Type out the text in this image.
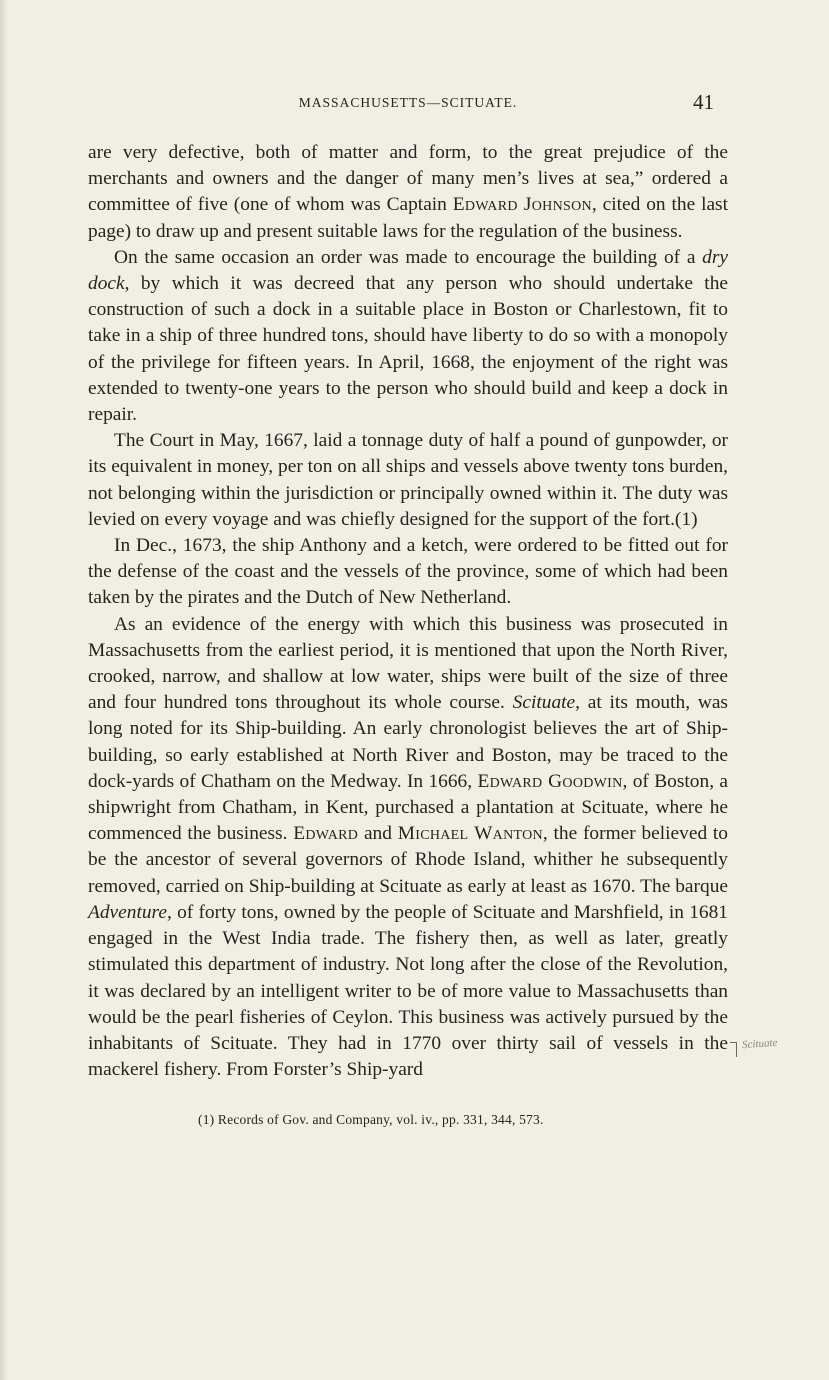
MASSACHUSETTS—SCITUATE.	41

are very defective, both of matter and form, to the great prejudice of the merchants and owners and the danger of many men’s lives at sea,” ordered a committee of five (one of whom was Captain Edward Johnson, cited on the last page) to draw up and present suitable laws for the regulation of the business.

On the same occasion an order was made to encourage the building of a dry dock, by which it was decreed that any person who should undertake the construction of such a dock in a suitable place in Boston or Charlestown, fit to take in a ship of three hundred tons, should have liberty to do so with a monopoly of the privilege for fifteen years. In April, 1668, the enjoyment of the right was extended to twenty-one years to the person who should build and keep a dock in repair.

The Court in May, 1667, laid a tonnage duty of half a pound of gunpowder, or its equivalent in money, per ton on all ships and vessels above twenty tons burden, not belonging within the jurisdiction or principally owned within it. The duty was levied on every voyage and was chiefly designed for the support of the fort.(1)

In Dec., 1673, the ship Anthony and a ketch, were ordered to be fitted out for the defense of the coast and the vessels of the province, some of which had been taken by the pirates and the Dutch of New Netherland.

As an evidence of the energy with which this business was prosecuted in Massachusetts from the earliest period, it is mentioned that upon the North River, crooked, narrow, and shallow at low water, ships were built of the size of three and four hundred tons throughout its whole course. Scituate, at its mouth, was long noted for its Ship-building. An early chronologist believes the art of Ship-building, so early established at North River and Boston, may be traced to the dock-yards of Chatham on the Medway. In 1666, Edward Goodwin, of Boston, a shipwright from Chatham, in Kent, purchased a plantation at Scituate, where he commenced the business. Edward and Michael Wanton, the former believed to be the ancestor of several governors of Rhode Island, whither he subsequently removed, carried on Ship-building at Scituate as early at least as 1670. The barque Adventure, of forty tons, owned by the people of Scituate and Marshfield, in 1681 engaged in the West India trade. The fishery then, as well as later, greatly stimulated this department of industry. Not long after the close of the Revolution, it was declared by an intelligent writer to be of more value to Massachusetts than would be the pearl fisheries of Ceylon. This business was actively pursued by the inhabitants of Scituate. They had in 1770 over thirty sail of vessels in the mackerel fishery. From Forster’s Ship-yard

Scituate
(1) Records of Gov. and Company, vol. iv., pp. 331, 344, 573.
